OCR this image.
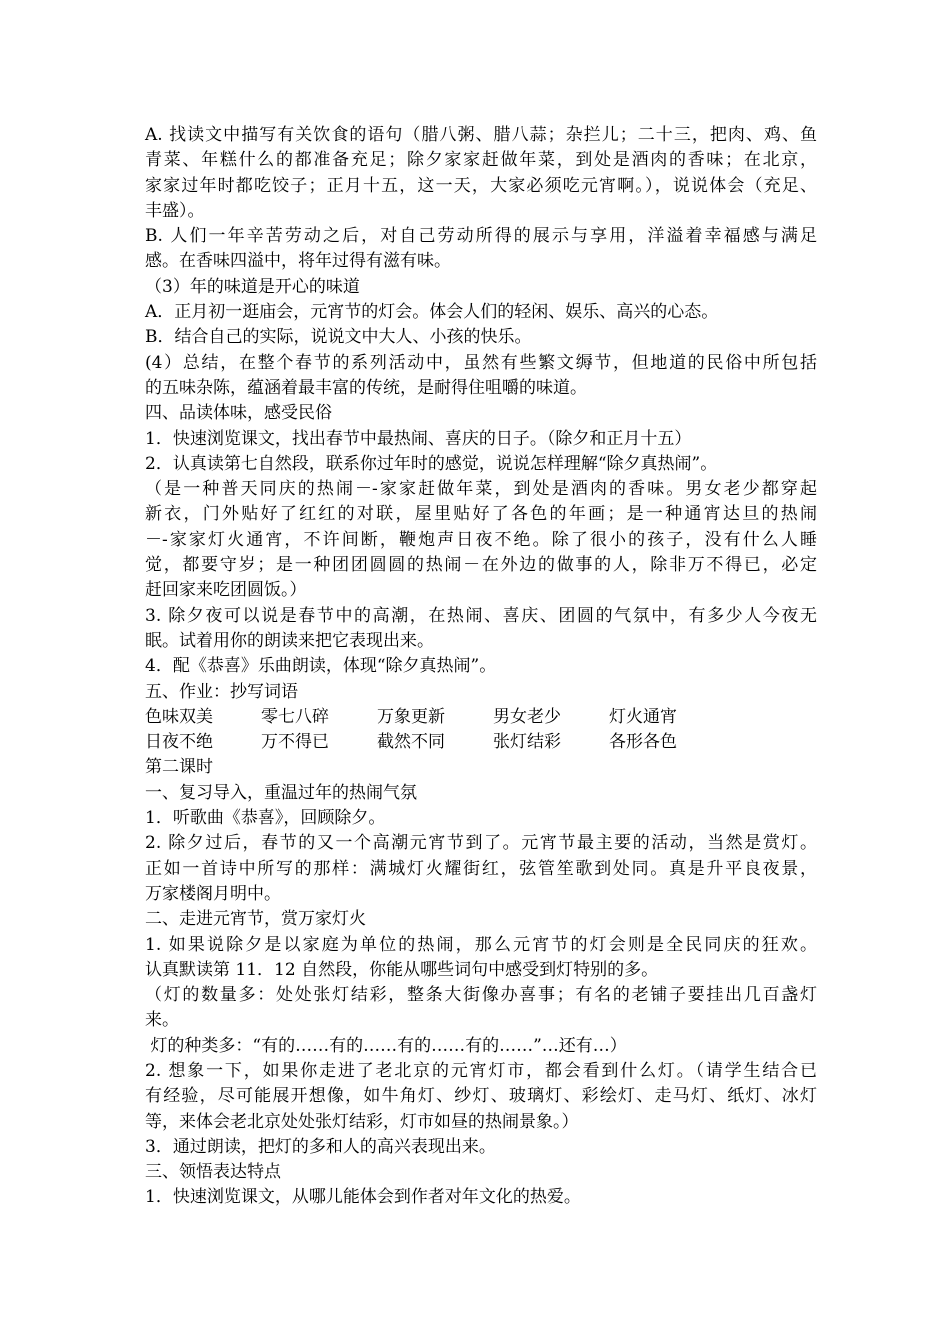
A. 找读文中描写有关饮食的语句（腊八粥、腊八蒜；杂拦儿；二十三，把肉、鸡、鱼
青菜、年糕什么的都准备充足；除夕家家赶做年菜，到处是酒肉的香味；在北京，
家家过年时都吃饺子；正月十五，这一天，大家必须吃元宵啊。），说说体会（充足、
丰盛）。
B. 人们一年辛苦劳动之后，对自己劳动所得的展示与享用，洋溢着幸福感与满足
感。在香味四溢中，将年过得有滋有味。
（3）年的味道是开心的味道
A．正月初一逛庙会，元宵节的灯会。体会人们的轻闲、娱乐、高兴的心态。
B．结合自己的实际，说说文中大人、小孩的快乐。
(4）总结，在整个春节的系列活动中，虽然有些繁文缛节，但地道的民俗中所包括
的五味杂陈，蕴涵着最丰富的传统，是耐得住咀嚼的味道。
四、品读体味，感受民俗
1．快速浏览课文，找出春节中最热闹、喜庆的日子。（除夕和正月十五）
2．认真读第七自然段，联系你过年时的感觉，说说怎样理解“除夕真热闹”。
（是一种普天同庆的热闹－-家家赶做年菜，到处是酒肉的香味。男女老少都穿起
新衣，门外贴好了红红的对联，屋里贴好了各色的年画；是一种通宵达旦的热闹
－-家家灯火通宵，不许间断，鞭炮声日夜不绝。除了很小的孩子，没有什么人睡
觉，都要守岁；是一种团团圆圆的热闹－在外边的做事的人，除非万不得已，必定
赶回家来吃团圆饭。）
3. 除夕夜可以说是春节中的高潮，在热闹、喜庆、团圆的气氛中，有多少人今夜无
眠。试着用你的朗读来把它表现出来。
4．配《恭喜》乐曲朗读，体现“除夕真热闹”。
五、作业：抄写词语
色味双美	零七八碎	万象更新	男女老少	灯火通宵
日夜不绝	万不得已	截然不同	张灯结彩	各形各色
第二课时
一、复习导入，重温过年的热闹气氛
1．听歌曲《恭喜》，回顾除夕。
2. 除夕过后，春节的又一个高潮元宵节到了。元宵节最主要的活动，当然是赏灯。
正如一首诗中所写的那样：满城灯火耀街红，弦管笙歌到处同。真是升平良夜景，
万家楼阁月明中。
二、走进元宵节，赏万家灯火
1. 如果说除夕是以家庭为单位的热闹，那么元宵节的灯会则是全民同庆的狂欢。
认真默读第 11．12 自然段，你能从哪些词句中感受到灯特别的多。
（灯的数量多：处处张灯结彩，整条大街像办喜事；有名的老铺子要挂出几百盏灯
来。
灯的种类多：“有的……有的……有的……有的……”…还有…）
2. 想象一下，如果你走进了老北京的元宵灯市，都会看到什么灯。（请学生结合已
有经验，尽可能展开想像，如牛角灯、纱灯、玻璃灯、彩绘灯、走马灯、纸灯、冰灯
等，来体会老北京处处张灯结彩，灯市如昼的热闹景象。）
3．通过朗读，把灯的多和人的高兴表现出来。
三、领悟表达特点
1．快速浏览课文，从哪儿能体会到作者对年文化的热爱。
